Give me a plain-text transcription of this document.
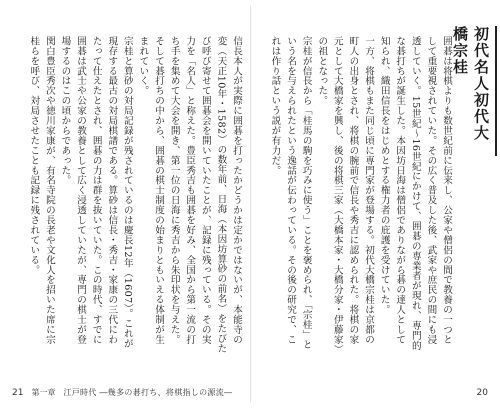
信長本人が実際に囲碁を打ったかどうかは定かではないが、本能寺の変（天正10年・1582）の数年前、日海（本因坊算砂の前名）をたびたび呼び寄せて囲碁会を開いていたことが、記録に残っている。その実力を「名人」と称えた。豊臣秀吉も囲碁を好み、全国から第一流の打ち手を集めて大会を開き、第一位の日海に秀吉から朱印状を与えた。そして碁打ちの中から、囲碁の棋士制度の始まりともいえる体制が生まれていく。

宗桂と算砂の対局記録が残されているのは慶長12年（1607）。これが現存する最古の対局棋譜である。算砂は信長・秀吉・家康の三代にわたって仕えたとされ、囲碁の力は群を抜いていた。この時代、すでに囲碁は武士や公家の教養として広く浸透していたが、専門の棋士が登場するのはこの頃からであった。

関白豊臣秀次や徳川家康が、有名寺院の長老や文化人を招いた席に宗桂らを呼び、対局させたことも記録に残されている。

21 第一章 江戸時代 ―幾多の碁打ち、将棋指しの源流―
初代名人初代大橋宗桂

囲碁は将棋よりも数世紀前に伝来し、公家や僧侶の間で教養の一つとして重要視されていた。その広く普及した後、武家や庶民の間にも浸透していく。15世紀～16世紀にかけて、囲碁の専業者が現れ、専門的な碁打ちが誕生した。本因坊日海は僧侶でありながら碁の達人として知られ、織田信長をはじめとする権力者の庇護を受けていた。

一方、将棋もまた同じ頃に専門家が登場する。初代大橋宗桂は京都の町人の出身とされ、将棋の腕前で信長や秀吉に認められた。将棋の家元として大橋家を興し、後の将棋三家（大橋本家・大橋分家・伊藤家）の祖となった。

宗桂が信長から「桂馬の駒を巧みに使う」ことを褒められ、「宗桂」という名を与えられたという逸話が伝わっている。その後の研究で、これは作り話という説が有力だ。

20
